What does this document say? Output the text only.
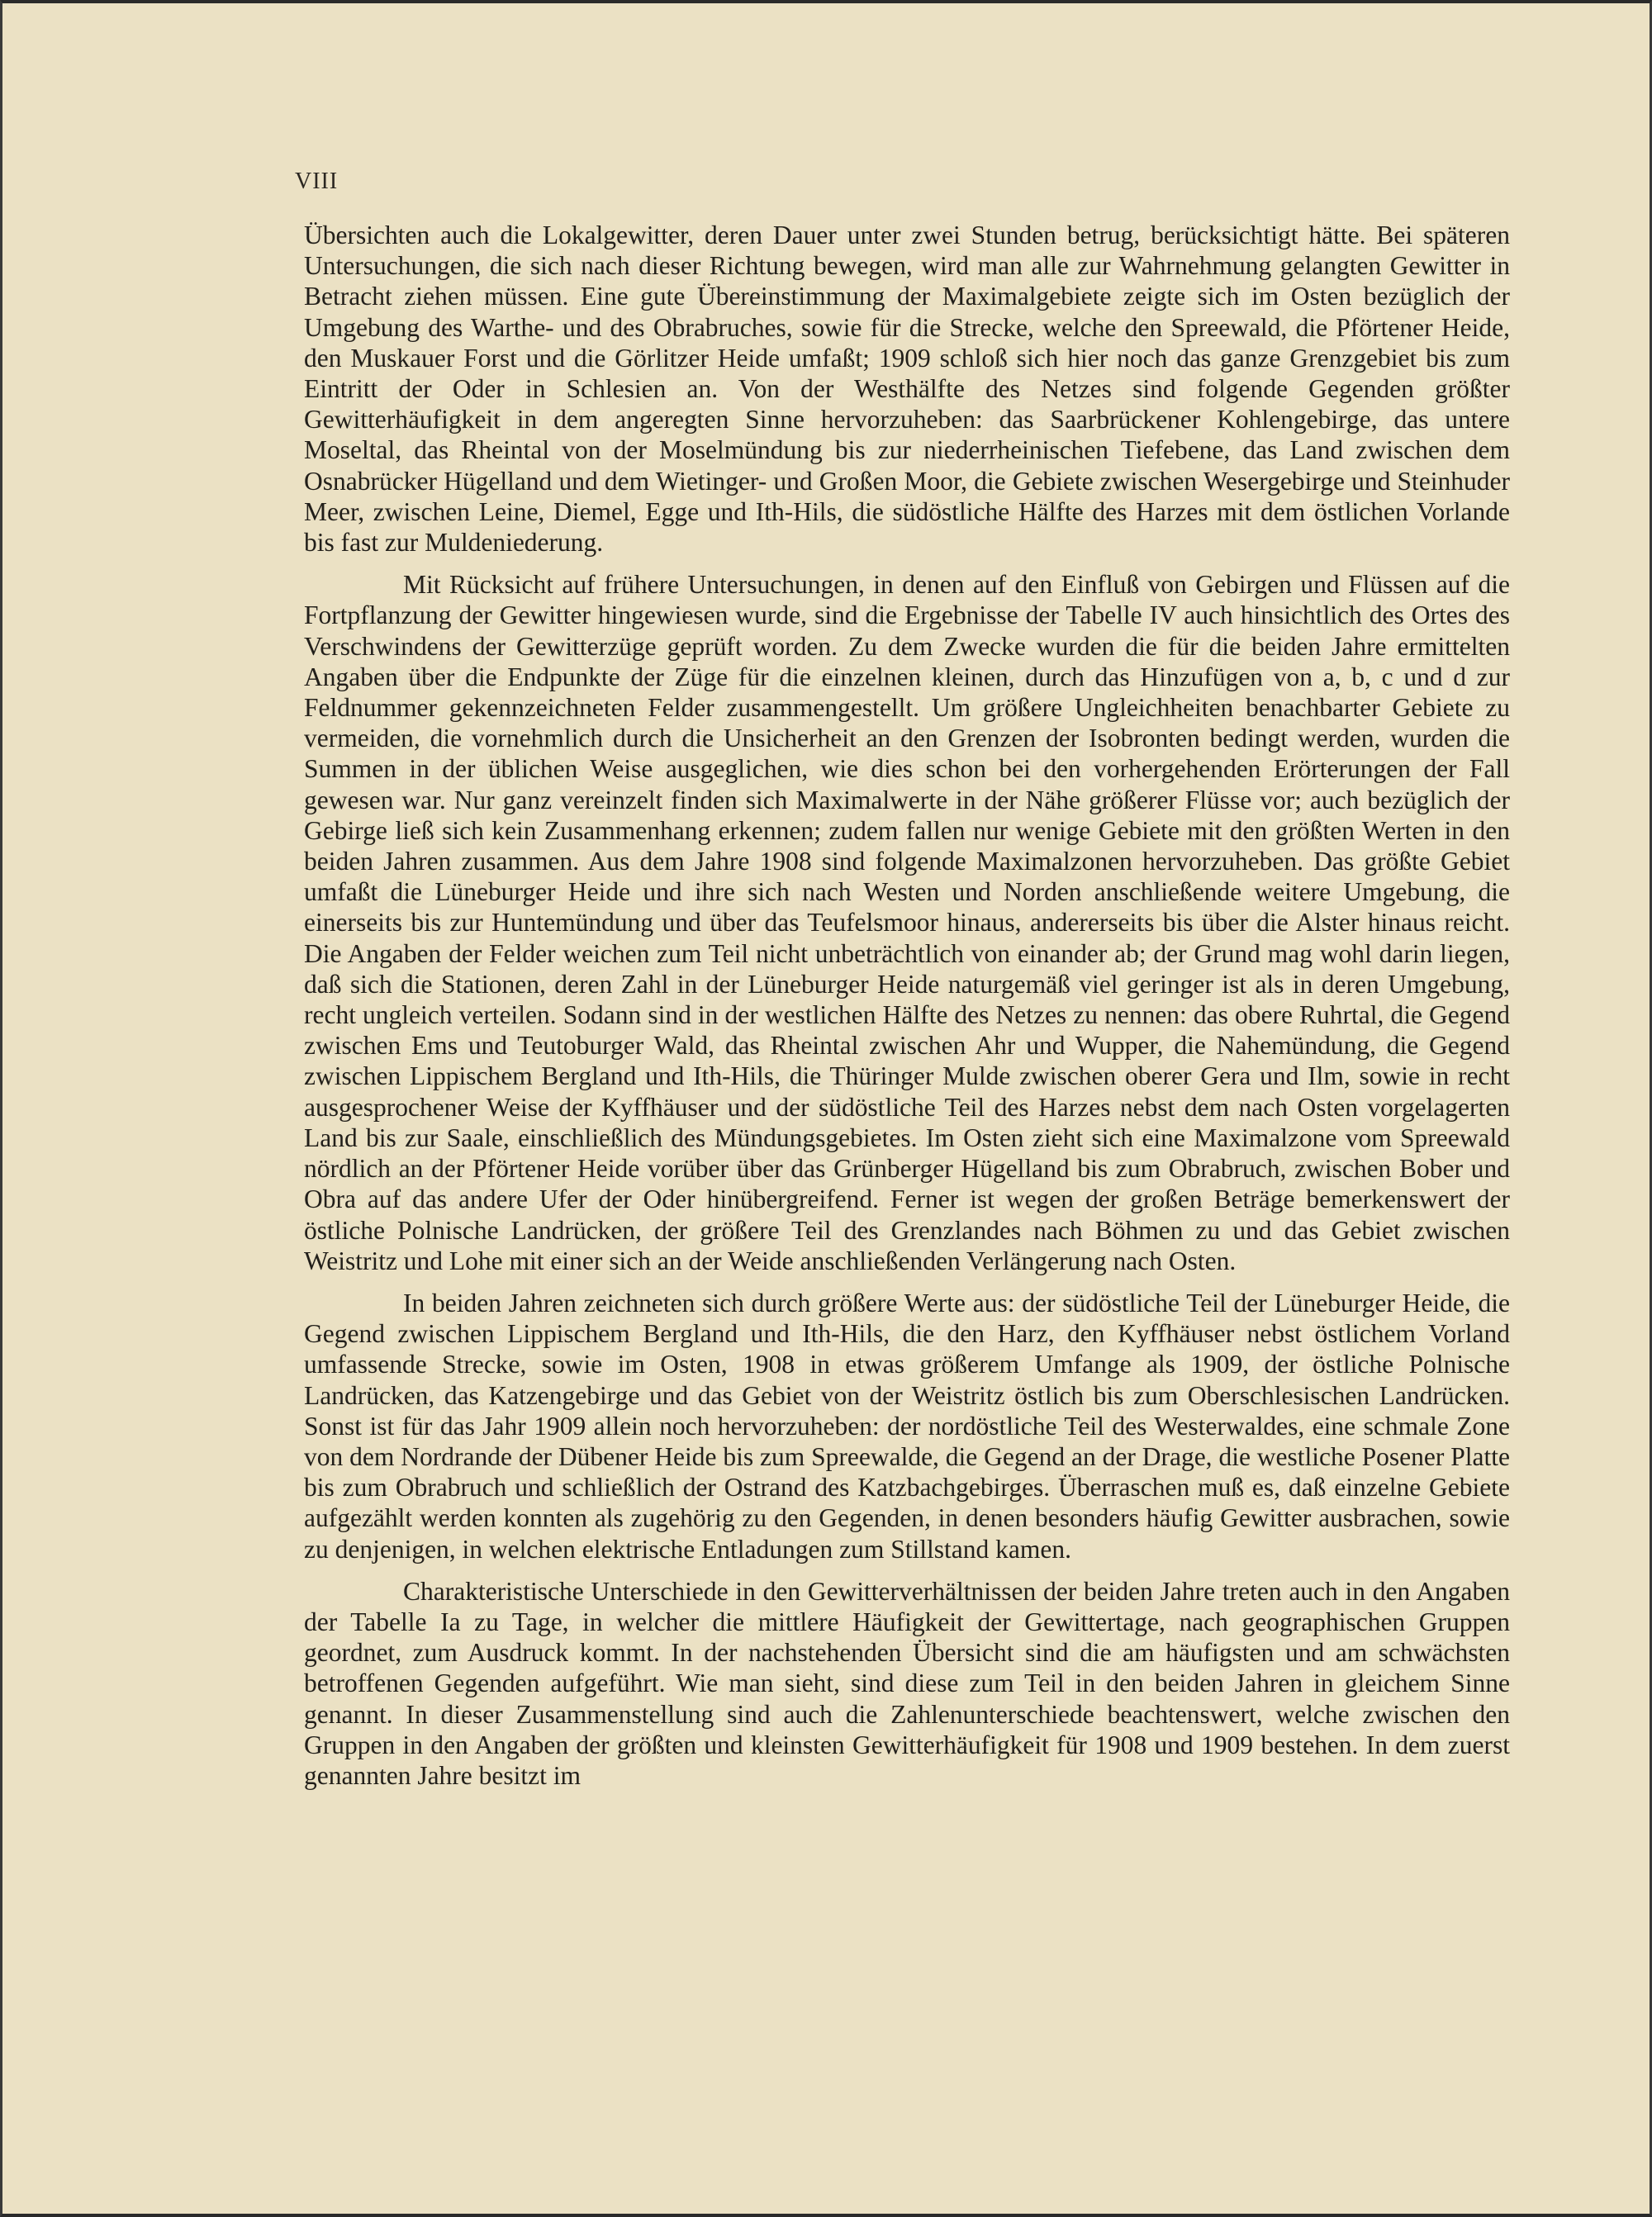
VIII

Übersichten auch die Lokalgewitter, deren Dauer unter zwei Stunden betrug, berücksichtigt hätte. Bei späteren Untersuchungen, die sich nach dieser Richtung bewegen, wird man alle zur Wahrnehmung gelangten Gewitter in Betracht ziehen müssen. Eine gute Übereinstimmung der Maximalgebiete zeigte sich im Osten bezüglich der Umgebung des Warthe- und des Obrabruches, sowie für die Strecke, welche den Spreewald, die Pförtener Heide, den Muskauer Forst und die Görlitzer Heide umfaßt; 1909 schloß sich hier noch das ganze Grenzgebiet bis zum Eintritt der Oder in Schlesien an. Von der Westhälfte des Netzes sind folgende Gegenden größter Gewitterhäufigkeit in dem angeregten Sinne hervorzuheben: das Saarbrückener Kohlengebirge, das untere Moseltal, das Rheintal von der Moselmündung bis zur niederrheinischen Tiefebene, das Land zwischen dem Osnabrücker Hügelland und dem Wietinger- und Großen Moor, die Gebiete zwischen Wesergebirge und Steinhuder Meer, zwischen Leine, Diemel, Egge und Ith-Hils, die südöstliche Hälfte des Harzes mit dem östlichen Vorlande bis fast zur Muldeniederung.

Mit Rücksicht auf frühere Untersuchungen, in denen auf den Einfluß von Gebirgen und Flüssen auf die Fortpflanzung der Gewitter hingewiesen wurde, sind die Ergebnisse der Tabelle IV auch hinsichtlich des Ortes des Verschwindens der Gewitterzüge geprüft worden. Zu dem Zwecke wurden die für die beiden Jahre ermittelten Angaben über die Endpunkte der Züge für die einzelnen kleinen, durch das Hinzufügen von a, b, c und d zur Feldnummer gekennzeichneten Felder zusammengestellt. Um größere Ungleichheiten benachbarter Gebiete zu vermeiden, die vornehmlich durch die Unsicherheit an den Grenzen der Isobronten bedingt werden, wurden die Summen in der üblichen Weise ausgeglichen, wie dies schon bei den vorhergehenden Erörterungen der Fall gewesen war. Nur ganz vereinzelt finden sich Maximalwerte in der Nähe größerer Flüsse vor; auch bezüglich der Gebirge ließ sich kein Zusammenhang erkennen; zudem fallen nur wenige Gebiete mit den größten Werten in den beiden Jahren zusammen. Aus dem Jahre 1908 sind folgende Maximalzonen hervorzuheben. Das größte Gebiet umfaßt die Lüneburger Heide und ihre sich nach Westen und Norden anschließende weitere Umgebung, die einerseits bis zur Huntemündung und über das Teufelsmoor hinaus, andererseits bis über die Alster hinaus reicht. Die Angaben der Felder weichen zum Teil nicht unbeträchtlich von einander ab; der Grund mag wohl darin liegen, daß sich die Stationen, deren Zahl in der Lüneburger Heide naturgemäß viel geringer ist als in deren Umgebung, recht ungleich verteilen. Sodann sind in der westlichen Hälfte des Netzes zu nennen: das obere Ruhrtal, die Gegend zwischen Ems und Teutoburger Wald, das Rheintal zwischen Ahr und Wupper, die Nahemündung, die Gegend zwischen Lippischem Bergland und Ith-Hils, die Thüringer Mulde zwischen oberer Gera und Ilm, sowie in recht ausgesprochener Weise der Kyffhäuser und der südöstliche Teil des Harzes nebst dem nach Osten vorgelagerten Land bis zur Saale, einschließlich des Mündungsgebietes. Im Osten zieht sich eine Maximalzone vom Spreewald nördlich an der Pförtener Heide vorüber über das Grünberger Hügelland bis zum Obrabruch, zwischen Bober und Obra auf das andere Ufer der Oder hinübergreifend. Ferner ist wegen der großen Beträge bemerkenswert der östliche Polnische Landrücken, der größere Teil des Grenzlandes nach Böhmen zu und das Gebiet zwischen Weistritz und Lohe mit einer sich an der Weide anschließenden Verlängerung nach Osten.

In beiden Jahren zeichneten sich durch größere Werte aus: der südöstliche Teil der Lüneburger Heide, die Gegend zwischen Lippischem Bergland und Ith-Hils, die den Harz, den Kyffhäuser nebst östlichem Vorland umfassende Strecke, sowie im Osten, 1908 in etwas größerem Umfange als 1909, der östliche Polnische Landrücken, das Katzengebirge und das Gebiet von der Weistritz östlich bis zum Oberschlesischen Landrücken. Sonst ist für das Jahr 1909 allein noch hervorzuheben: der nordöstliche Teil des Westerwaldes, eine schmale Zone von dem Nordrande der Dübener Heide bis zum Spreewalde, die Gegend an der Drage, die westliche Posener Platte bis zum Obrabruch und schließlich der Ostrand des Katzbachgebirges. Überraschen muß es, daß einzelne Gebiete aufgezählt werden konnten als zugehörig zu den Gegenden, in denen besonders häufig Gewitter ausbrachen, sowie zu denjenigen, in welchen elektrische Entladungen zum Stillstand kamen.

Charakteristische Unterschiede in den Gewitterverhältnissen der beiden Jahre treten auch in den Angaben der Tabelle Ia zu Tage, in welcher die mittlere Häufigkeit der Gewittertage, nach geographischen Gruppen geordnet, zum Ausdruck kommt. In der nachstehenden Übersicht sind die am häufigsten und am schwächsten betroffenen Gegenden aufgeführt. Wie man sieht, sind diese zum Teil in den beiden Jahren in gleichem Sinne genannt. In dieser Zusammenstellung sind auch die Zahlenunterschiede beachtenswert, welche zwischen den Gruppen in den Angaben der größten und kleinsten Gewitterhäufigkeit für 1908 und 1909 bestehen. In dem zuerst genannten Jahre besitzt im
